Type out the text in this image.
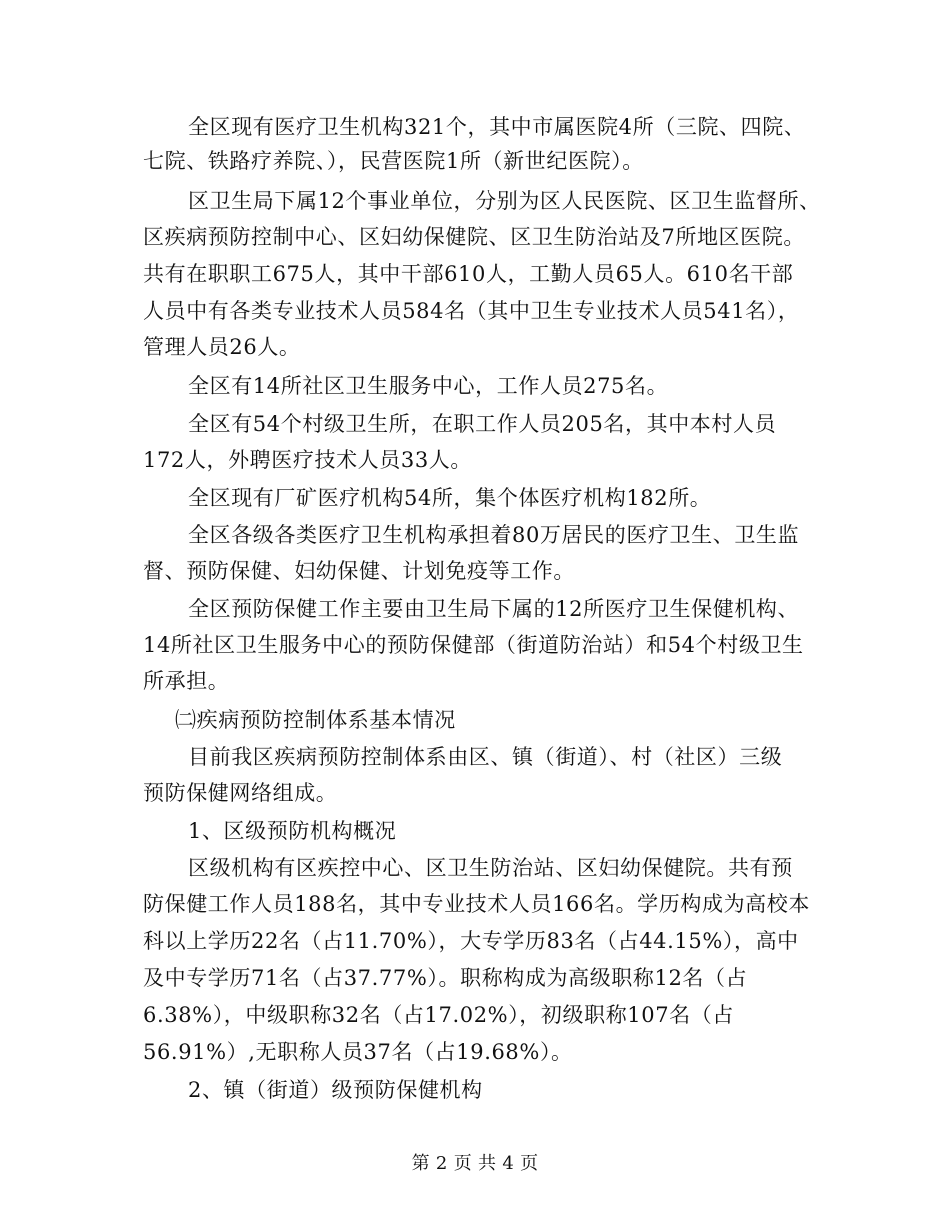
全区现有医疗卫生机构321个，其中市属医院4所（三院、四院、
七院、铁路疗养院、），民营医院1所（新世纪医院）。
区卫生局下属12个事业单位，分别为区人民医院、区卫生监督所、
区疾病预防控制中心、区妇幼保健院、区卫生防治站及7所地区医院。
共有在职职工675人，其中干部610人，工勤人员65人。610名干部
人员中有各类专业技术人员584名（其中卫生专业技术人员541名），
管理人员26人。
全区有14所社区卫生服务中心，工作人员275名。
全区有54个村级卫生所，在职工作人员205名，其中本村人员
172人，外聘医疗技术人员33人。
全区现有厂矿医疗机构54所，集个体医疗机构182所。
全区各级各类医疗卫生机构承担着80万居民的医疗卫生、卫生监
督、预防保健、妇幼保健、计划免疫等工作。
全区预防保健工作主要由卫生局下属的12所医疗卫生保健机构、
14所社区卫生服务中心的预防保健部（街道防治站）和54个村级卫生
所承担。
㈡疾病预防控制体系基本情况
目前我区疾病预防控制体系由区、镇（街道）、村（社区）三级
预防保健网络组成。
1、区级预防机构概况
区级机构有区疾控中心、区卫生防治站、区妇幼保健院。共有预
防保健工作人员188名，其中专业技术人员166名。学历构成为高校本
科以上学历22名（占11.70%），大专学历83名（占44.15%），高中
及中专学历71名（占37.77%）。职称构成为高级职称12名（占
6.38%），中级职称32名（占17.02%），初级职称107名（占
56.91%）,无职称人员37名（占19.68%）。
2、镇（街道）级预防保健机构
第 2 页 共 4 页
